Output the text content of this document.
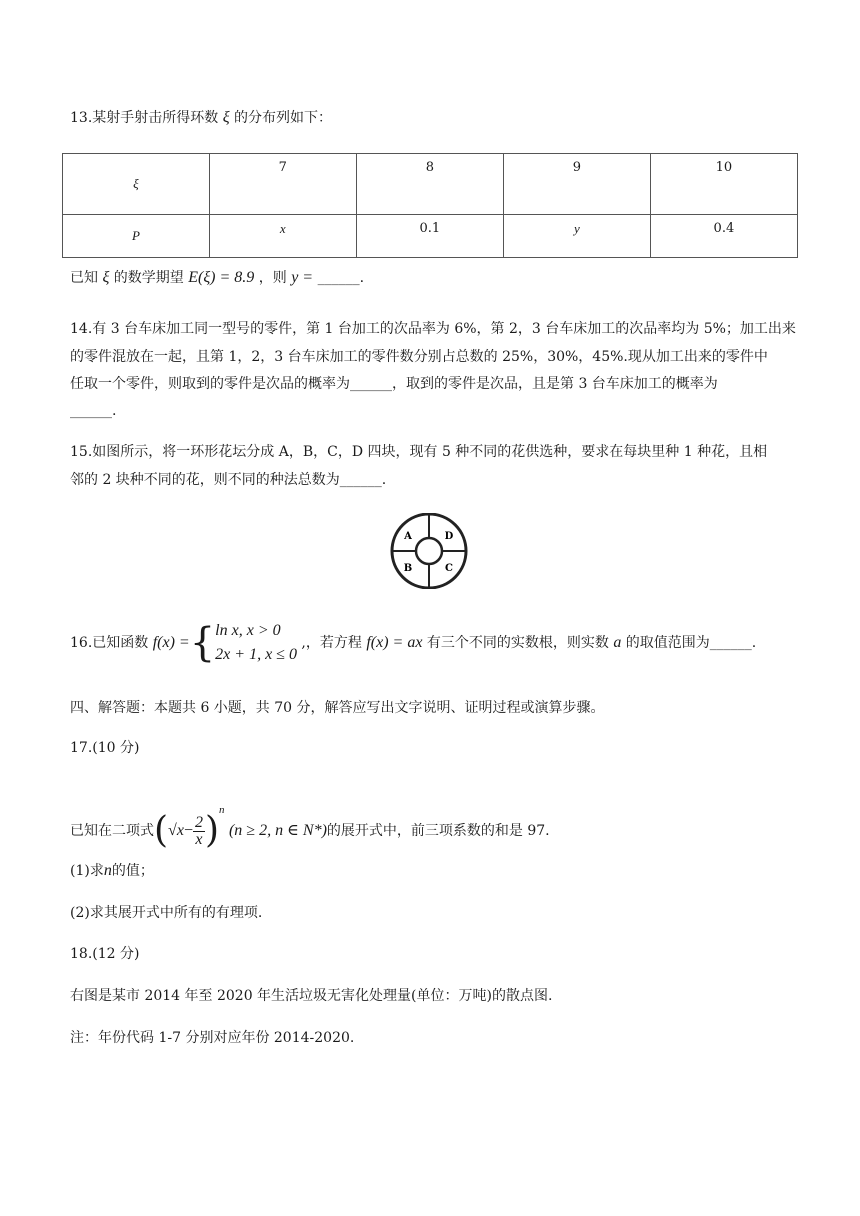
13.某射手射击所得环数 ξ 的分布列如下：
ξ	7	8	9	10
P	x	0.1	y	0.4
已知 ξ 的数学期望 E(ξ) = 8.9 ，则 y = ______.
14.有 3 台车床加工同一型号的零件，第 1 台加工的次品率为 6%，第 2，3 台车床加工的次品率均为 5%；加工出来
的零件混放在一起，且第 1，2，3 台车床加工的零件数分别占总数的 25%，30%，45%.现从加工出来的零件中
任取一个零件，则取到的零件是次品的概率为______，取到的零件是次品，且是第 3 台车床加工的概率为
______.
15.如图所示，将一环形花坛分成 A，B，C，D 四块，现有 5 种不同的花供选种，要求在每块里种 1 种花，且相
邻的 2 块种不同的花，则不同的种法总数为______.
A	D
B	C
16.已知函数 f(x) ={ ln x, x > 0
2x + 1, x ≤ 0
,，若方程 f(x) = ax 有三个不同的实数根，则实数 a 的取值范围为______.
四、解答题：本题共 6 小题，共 70 分，解答应写出文字说明、证明过程或演算步骤。
17.(10 分)
已知在二项式$(√x- \frac{2}{x} )^n$ (n ≥ 2, n ∈ N*)的展开式中，前三项系数的和是 97.
(1)求n的值；
(2)求其展开式中所有的有理项.
18.(12 分)
右图是某市 2014 年至 2020 年生活垃圾无害化处理量(单位：万吨)的散点图.
注：年份代码 1-7 分别对应年份 2014-2020.
